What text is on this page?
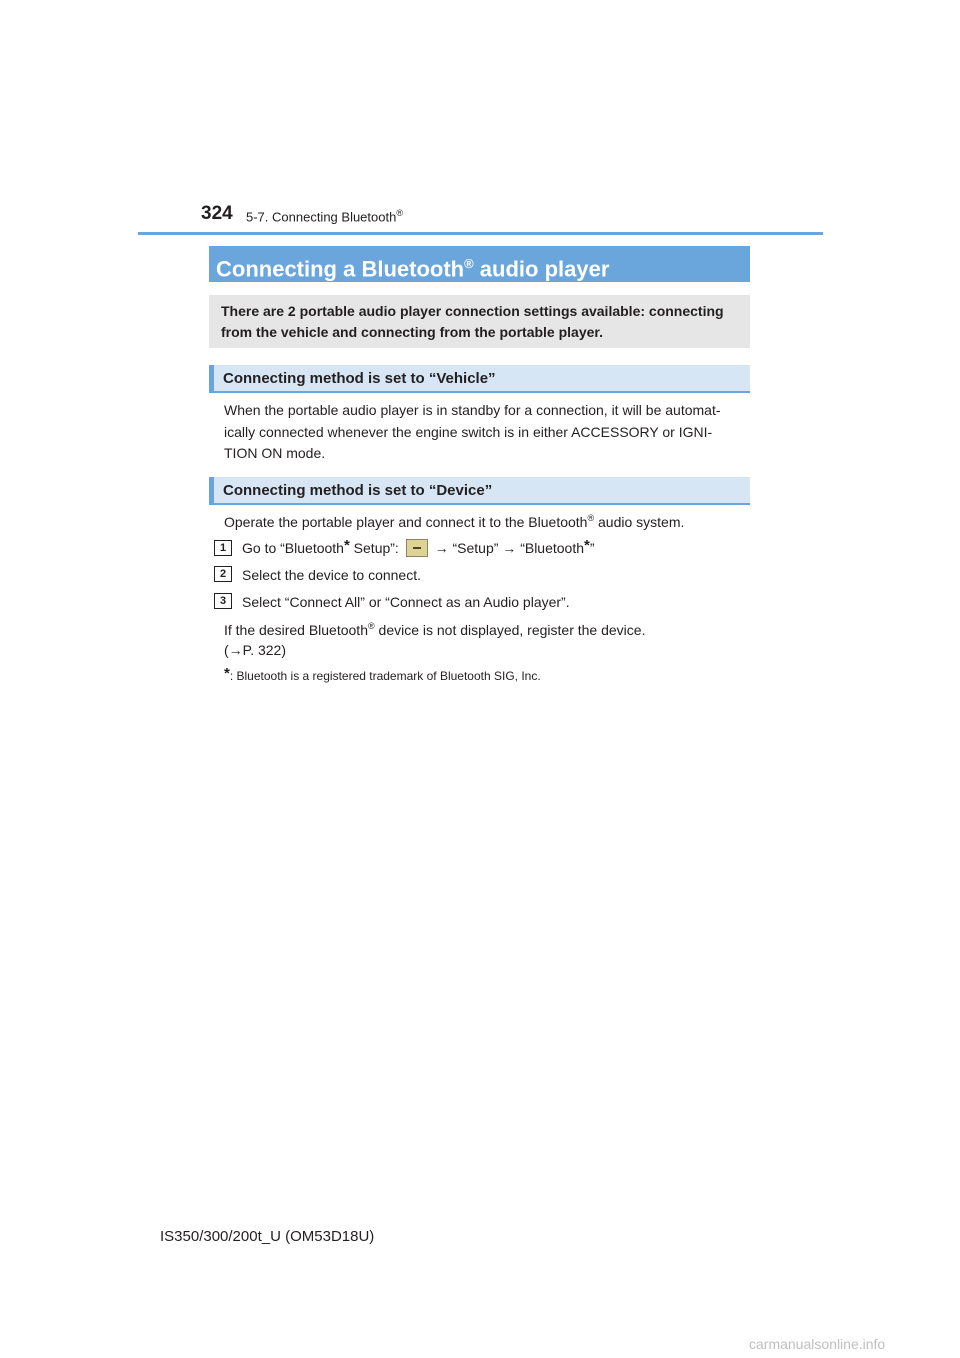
324 5-7. Connecting Bluetooth®
Connecting a Bluetooth® audio player
There are 2 portable audio player connection settings available: connecting
from the vehicle and connecting from the portable player.
Connecting method is set to “Vehicle”
When the portable audio player is in standby for a connection, it will be automat-
ically connected whenever the engine switch is in either ACCESSORY or IGNI-
TION ON mode.
Connecting method is set to “Device”
Operate the portable player and connect it to the Bluetooth® audio system.
1	Go to “Bluetooth* Setup”:  → “Setup” → “Bluetooth*”
2	Select the device to connect.
3	Select “Connect All” or “Connect as an Audio player”.
If the desired Bluetooth® device is not displayed, register the device.
(→P. 322)
*: Bluetooth is a registered trademark of Bluetooth SIG, Inc.
IS350/300/200t_U (OM53D18U)
carmanualsonline.info
